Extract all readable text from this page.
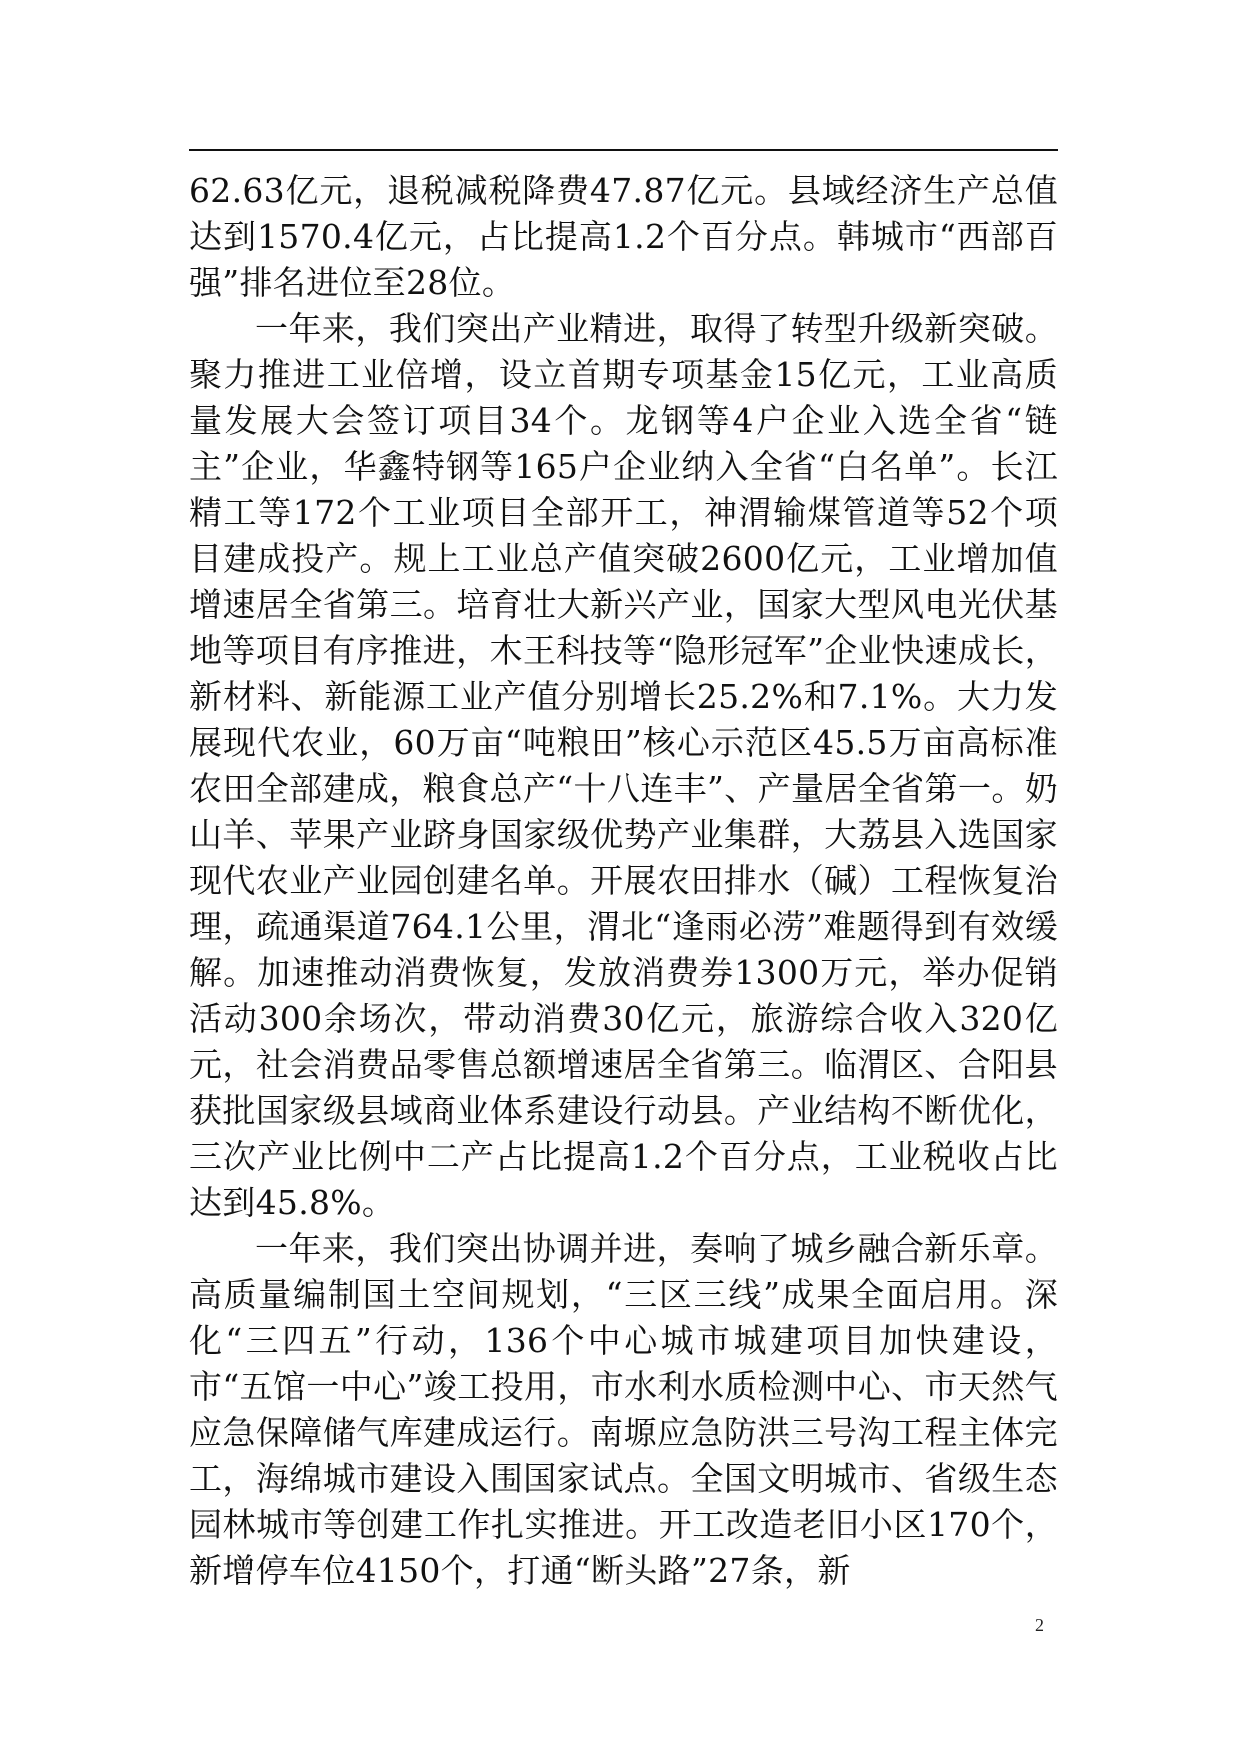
62.63亿元，退税减税降费47.87亿元。县域经济生产总值达到1570.4亿元，占比提高1.2个百分点。韩城市“西部百强”排名进位至28位。

一年来，我们突出产业精进，取得了转型升级新突破。聚力推进工业倍增，设立首期专项基金15亿元，工业高质量发展大会签订项目34个。龙钢等4户企业入选全省“链主”企业，华鑫特钢等165户企业纳入全省“白名单”。长江精工等172个工业项目全部开工，神渭输煤管道等52个项目建成投产。规上工业总产值突破2600亿元，工业增加值增速居全省第三。培育壮大新兴产业，国家大型风电光伏基地等项目有序推进，木王科技等“隐形冠军”企业快速成长，新材料、新能源工业产值分别增长25.2%和7.1%。大力发展现代农业，60万亩“吨粮田”核心示范区45.5万亩高标准农田全部建成，粮食总产“十八连丰”、产量居全省第一。奶山羊、苹果产业跻身国家级优势产业集群，大荔县入选国家现代农业产业园创建名单。开展农田排水（碱）工程恢复治理，疏通渠道764.1公里，渭北“逢雨必涝”难题得到有效缓解。加速推动消费恢复，发放消费券1300万元，举办促销活动300余场次，带动消费30亿元，旅游综合收入320亿元，社会消费品零售总额增速居全省第三。临渭区、合阳县获批国家级县域商业体系建设行动县。产业结构不断优化，三次产业比例中二产占比提高1.2个百分点，工业税收占比达到45.8%。

一年来，我们突出协调并进，奏响了城乡融合新乐章。高质量编制国土空间规划，“三区三线”成果全面启用。深化“三四五”行动，136个中心城市城建项目加快建设，市“五馆一中心”竣工投用，市水利水质检测中心、市天然气应急保障储气库建成运行。南塬应急防洪三号沟工程主体完工，海绵城市建设入围国家试点。全国文明城市、省级生态园林城市等创建工作扎实推进。开工改造老旧小区170个，新增停车位4150个，打通“断头路”27条，新

2
